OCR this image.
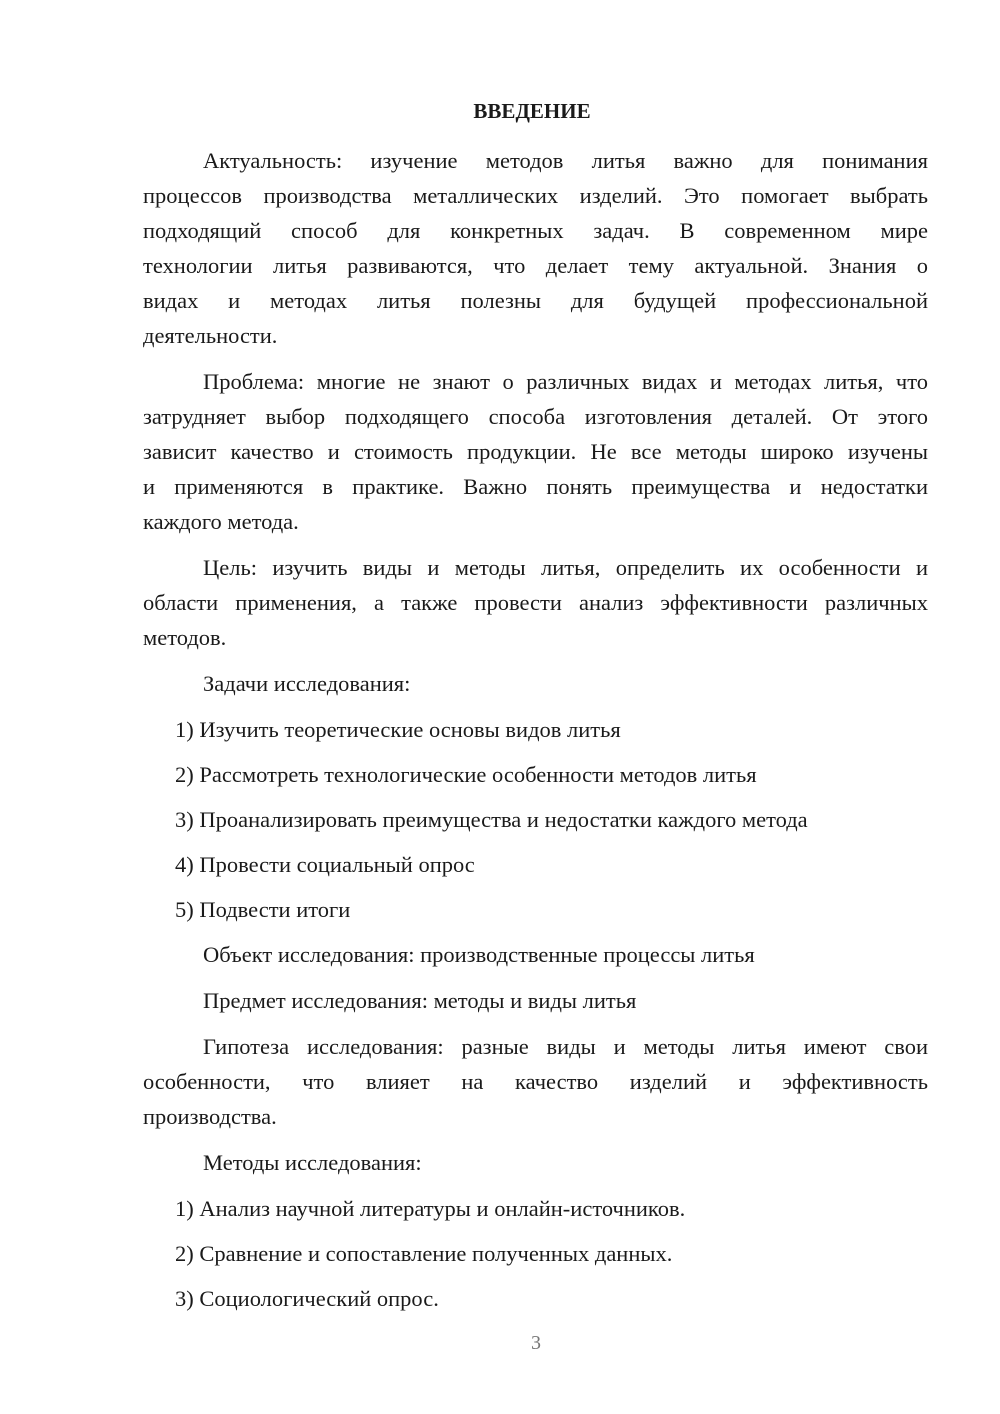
ВВЕДЕНИЕ
Актуальность: изучение методов литья важно для понимания
процессов производства металлических изделий. Это помогает выбрать
подходящий способ для конкретных задач. В современном мире
технологии литья развиваются, что делает тему актуальной. Знания о
видах и методах литья полезны для будущей профессиональной
деятельности.
Проблема: многие не знают о различных видах и методах литья, что
затрудняет выбор подходящего способа изготовления деталей. От этого
зависит качество и стоимость продукции. Не все методы широко изучены
и применяются в практике. Важно понять преимущества и недостатки
каждого метода.
Цель: изучить виды и методы литья, определить их особенности и
области применения, а также провести анализ эффективности различных
методов.
Задачи исследования:
1) Изучить теоретические основы видов литья
2) Рассмотреть технологические особенности методов литья
3) Проанализировать преимущества и недостатки каждого метода
4) Провести социальный опрос
5) Подвести итоги
Объект исследования: производственные процессы литья
Предмет исследования: методы и виды литья
Гипотеза исследования: разные виды и методы литья имеют свои
особенности, что влияет на качество изделий и эффективность
производства.
Методы исследования:
1) Анализ научной литературы и онлайн-источников.
2) Сравнение и сопоставление полученных данных.
3) Социологический опрос.
3
